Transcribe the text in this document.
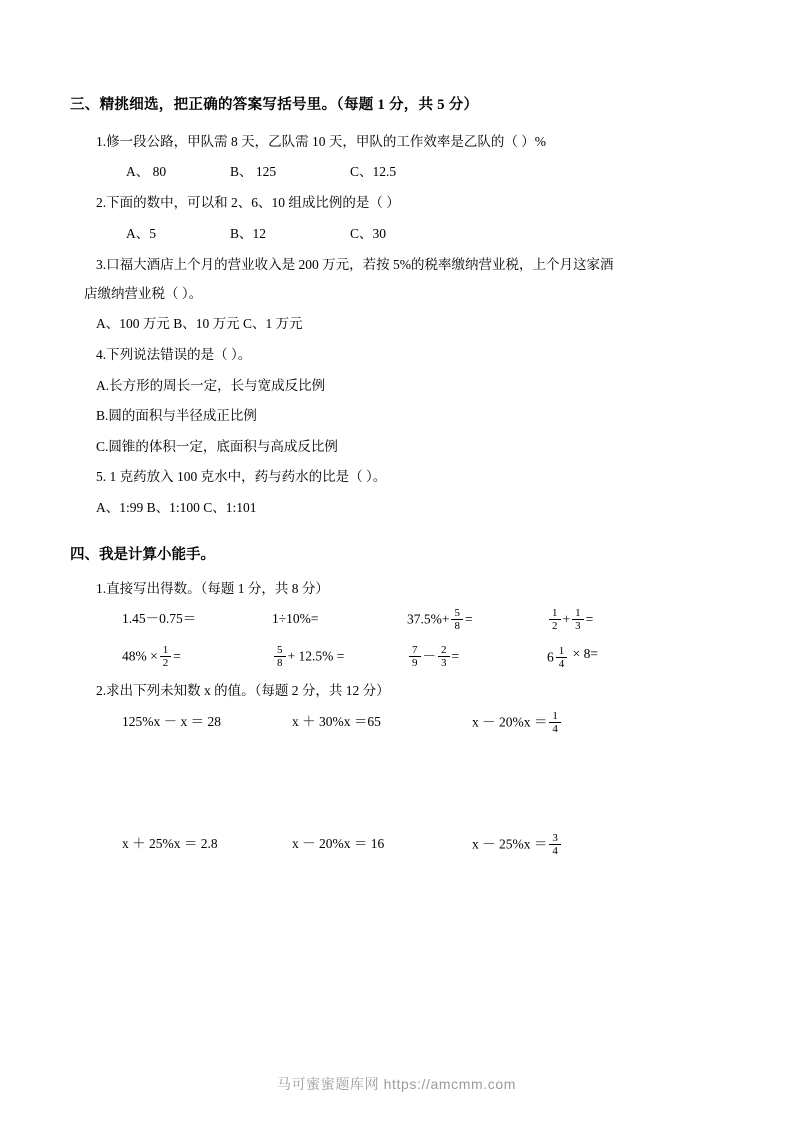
三、精挑细选，把正确的答案写括号里。（每题 1 分，共 5 分）
1.修一段公路，甲队需 8 天，乙队需 10 天，甲队的工作效率是乙队的（ ）%
A、 80	B、 125	C、12.5
2.下面的数中，可以和 2、6、10 组成比例的是（ ）
A、5	B、12	C、30
3.口福大酒店上个月的营业收入是 200 万元，若按 5%的税率缴纳营业税，上个月这家酒
店缴纳营业税（ ）。
A、100 万元 B、10 万元 C、1 万元
4.下列说法错误的是（ ）。
A.长方形的周长一定，长与宽成反比例
B.圆的面积与半径成正比例
C.圆锥的体积一定，底面积与高成反比例
5. 1 克药放入 100 克水中，药与药水的比是（ ）。
A、1:99 B、1:100 C、1:101
四、我是计算小能手。
1.直接写出得数。（每题 1 分，共 8 分）
1.45－0.75＝	1÷10%=	$37.5\%+ \frac{5}{8}$ =	$\frac{1}{2} + \frac{1}{3}$ =
$48\% \times \frac{1}{2}$ =	$\frac{5}{8} + 12.5\%$ =	$\frac{7}{9} - \frac{2}{3}$ =	$6 \frac{1}{4} \times 8=$
2.求出下列未知数 x 的值。（每题 2 分，共 12 分）
125%x － x ＝ 28	x ＋ 30%x ＝65	$x - 20\%x = \frac{1}{4}$
x ＋ 25%x ＝ 2.8	x － 20%x ＝ 16	$x - 25\%x = \frac{3}{4}$
马可蜜蜜题库网 https://amcmm.com
